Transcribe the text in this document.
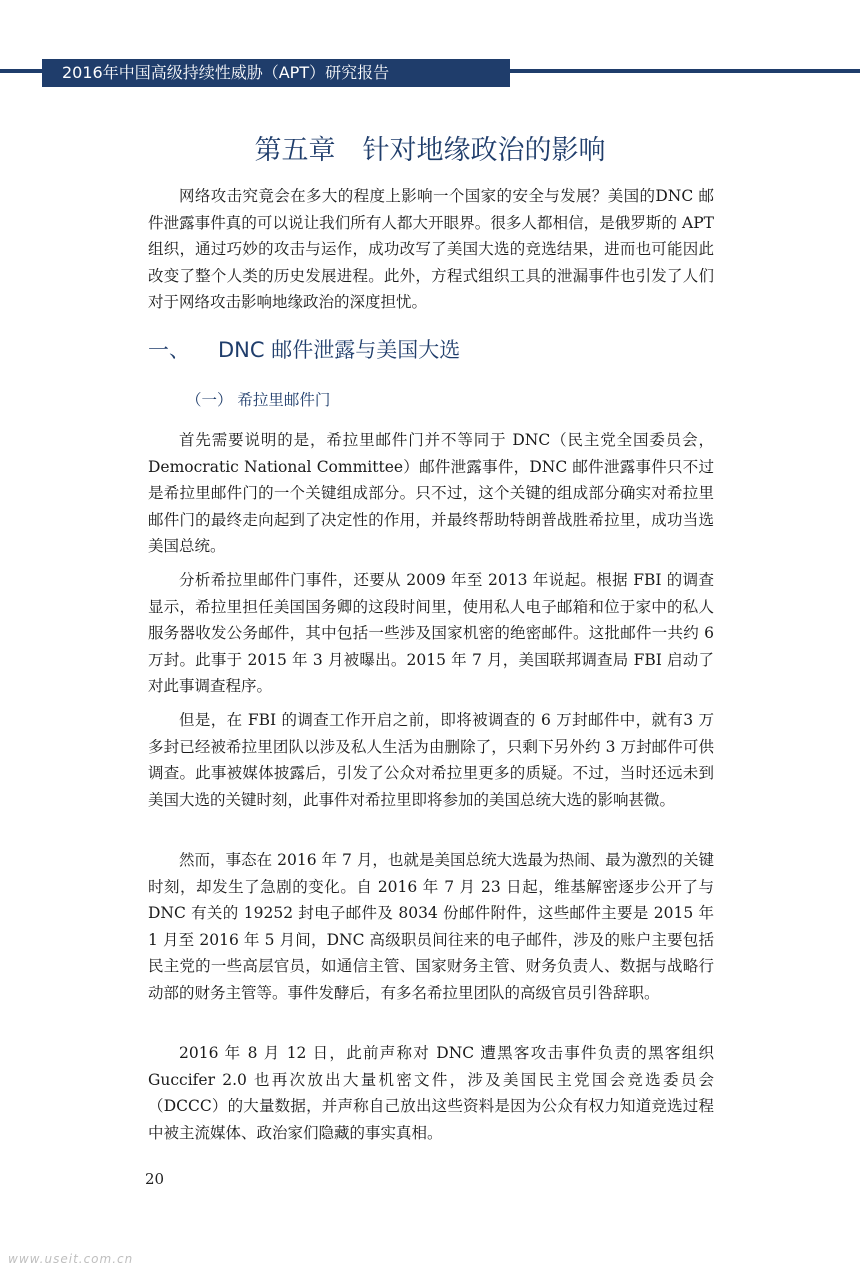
2016年中国高级持续性威胁（APT）研究报告
第五章　针对地缘政治的影响

网络攻击究竟会在多大的程度上影响一个国家的安全与发展？美国的DNC 邮件泄露事件真的可以说让我们所有人都大开眼界。很多人都相信，是俄罗斯的 APT 组织，通过巧妙的攻击与运作，成功改写了美国大选的竞选结果，进而也可能因此改变了整个人类的历史发展进程。此外，方程式组织工具的泄漏事件也引发了人们对于网络攻击影响地缘政治的深度担忧。

一、 DNC 邮件泄露与美国大选
（一） 希拉里邮件门

首先需要说明的是，希拉里邮件门并不等同于 DNC（民主党全国委员会，Democratic National Committee）邮件泄露事件，DNC 邮件泄露事件只不过是希拉里邮件门的一个关键组成部分。只不过，这个关键的组成部分确实对希拉里邮件门的最终走向起到了决定性的作用，并最终帮助特朗普战胜希拉里，成功当选美国总统。

分析希拉里邮件门事件，还要从 2009 年至 2013 年说起。根据 FBI 的调查显示，希拉里担任美国国务卿的这段时间里，使用私人电子邮箱和位于家中的私人服务器收发公务邮件，其中包括一些涉及国家机密的绝密邮件。这批邮件一共约 6 万封。此事于 2015 年 3 月被曝出。2015 年 7 月，美国联邦调查局 FBI 启动了对此事调查程序。

但是，在 FBI 的调查工作开启之前，即将被调查的 6 万封邮件中，就有3 万多封已经被希拉里团队以涉及私人生活为由删除了，只剩下另外约 3 万封邮件可供调查。此事被媒体披露后，引发了公众对希拉里更多的质疑。不过，当时还远未到美国大选的关键时刻，此事件对希拉里即将参加的美国总统大选的影响甚微。

然而，事态在 2016 年 7 月，也就是美国总统大选最为热闹、最为激烈的关键时刻，却发生了急剧的变化。自 2016 年 7 月 23 日起，维基解密逐步公开了与 DNC 有关的 19252 封电子邮件及 8034 份邮件附件，这些邮件主要是 2015 年 1 月至 2016 年 5 月间，DNC 高级职员间往来的电子邮件，涉及的账户主要包括民主党的一些高层官员，如通信主管、国家财务主管、财务负责人、数据与战略行动部的财务主管等。事件发酵后，有多名希拉里团队的高级官员引咎辞职。

2016 年 8 月 12 日，此前声称对 DNC 遭黑客攻击事件负责的黑客组织Guccifer 2.0 也再次放出大量机密文件，涉及美国民主党国会竞选委员会（DCCC）的大量数据，并声称自己放出这些资料是因为公众有权力知道竞选过程中被主流媒体、政治家们隐藏的事实真相。

20
www.useit.com.cn
